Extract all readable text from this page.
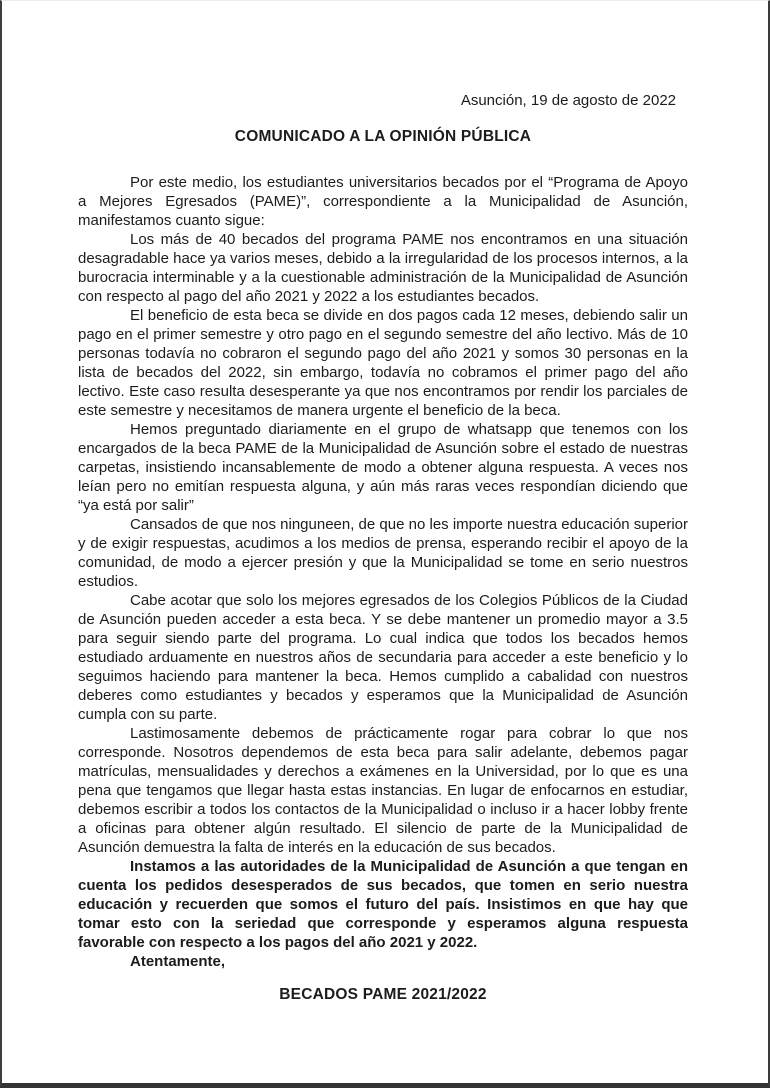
Asunción, 19 de agosto de 2022

COMUNICADO A LA OPINIÓN PÚBLICA

Por este medio, los estudiantes universitarios becados por el “Programa de Apoyo a Mejores Egresados (PAME)”, correspondiente a la Municipalidad de Asunción, manifestamos cuanto sigue:

Los más de 40 becados del programa PAME nos encontramos en una situación desagradable hace ya varios meses, debido a la irregularidad de los procesos internos, a la burocracia interminable y a la cuestionable administración de la Municipalidad de Asunción con respecto al pago del año 2021 y 2022 a los estudiantes becados.

El beneficio de esta beca se divide en dos pagos cada 12 meses, debiendo salir un pago en el primer semestre y otro pago en el segundo semestre del año lectivo. Más de 10 personas todavía no cobraron el segundo pago del año 2021 y somos 30 personas en la lista de becados del 2022, sin embargo, todavía no cobramos el primer pago del año lectivo. Este caso resulta desesperante ya que nos encontramos por rendir los parciales de este semestre y necesitamos de manera urgente el beneficio de la beca.

Hemos preguntado diariamente en el grupo de whatsapp que tenemos con los encargados de la beca PAME de la Municipalidad de Asunción sobre el estado de nuestras carpetas, insistiendo incansablemente de modo a obtener alguna respuesta. A veces nos leían pero no emitían respuesta alguna, y aún más raras veces respondían diciendo que “ya está por salir”

Cansados de que nos ninguneen, de que no les importe nuestra educación superior y de exigir respuestas, acudimos a los medios de prensa, esperando recibir el apoyo de la comunidad, de modo a ejercer presión y que la Municipalidad se tome en serio nuestros estudios.

Cabe acotar que solo los mejores egresados de los Colegios Públicos de la Ciudad de Asunción pueden acceder a esta beca. Y se debe mantener un promedio mayor a 3.5 para seguir siendo parte del programa. Lo cual indica que todos los becados hemos estudiado arduamente en nuestros años de secundaria para acceder a este beneficio y lo seguimos haciendo para mantener la beca. Hemos cumplido a cabalidad con nuestros deberes como estudiantes y becados y esperamos que la Municipalidad de Asunción cumpla con su parte.

Lastimosamente debemos de prácticamente rogar para cobrar lo que nos corresponde. Nosotros dependemos de esta beca para salir adelante, debemos pagar matrículas, mensualidades y derechos a exámenes en la Universidad, por lo que es una pena que tengamos que llegar hasta estas instancias. En lugar de enfocarnos en estudiar, debemos escribir a todos los contactos de la Municipalidad o incluso ir a hacer lobby frente a oficinas para obtener algún resultado. El silencio de parte de la Municipalidad de Asunción demuestra la falta de interés en la educación de sus becados.

Instamos a las autoridades de la Municipalidad de Asunción a que tengan en cuenta los pedidos desesperados de sus becados, que tomen en serio nuestra educación y recuerden que somos el futuro del país. Insistimos en que hay que tomar esto con la seriedad que corresponde y esperamos alguna respuesta favorable con respecto a los pagos del año 2021 y 2022.

Atentamente,

BECADOS PAME 2021/2022
